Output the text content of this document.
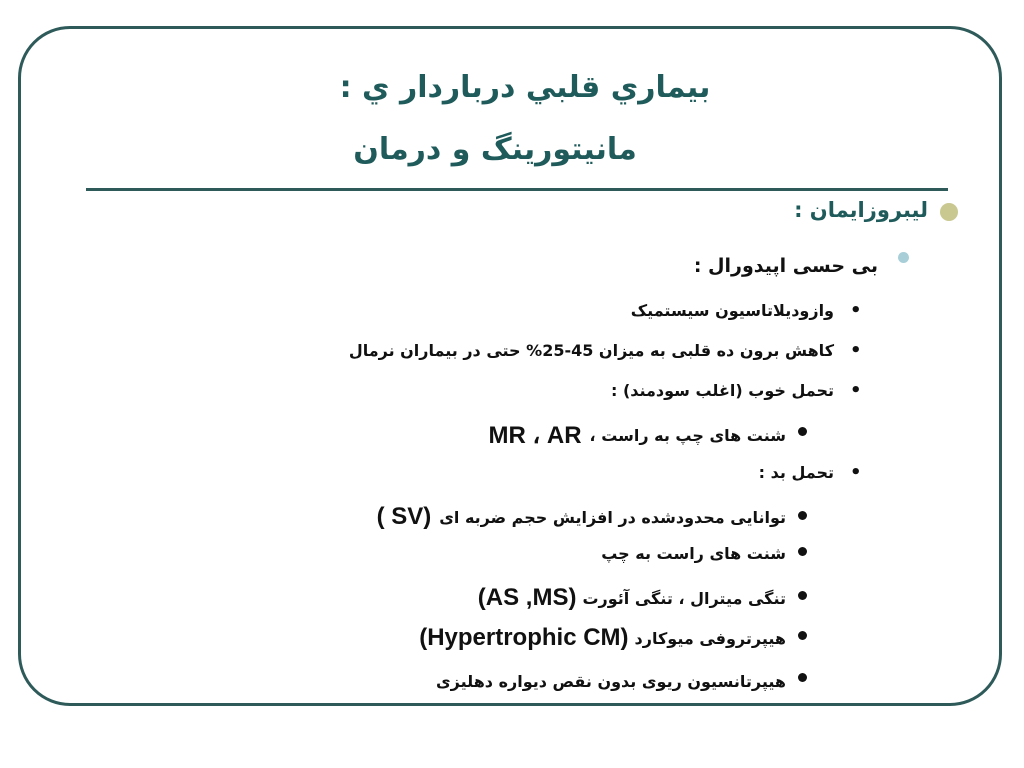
بيماري قلبي درباردار ي :
مانيتورينگ و درمان
لیبروزایمان :
بی حسی اپیدورال :
•
وازودیلاتاسیون سیستمیک
•
کاهش برون ده قلبی به میزان 45-25% حتی در بیماران نرمال
•
تحمل خوب (اغلب سودمند) :
شنت های چپ به راست ،
MR ، AR
•
تحمل بد :
توانایی محدودشده در افزایش حجم ضربه ای
( SV)
شنت های راست به چپ
تنگی میترال ، تنگی آئورت
(AS ,MS)
هیپرتروفی میوکارد
(Hypertrophic CM)
هیپرتانسیون ریوی بدون نقص دیواره دهلیزی
